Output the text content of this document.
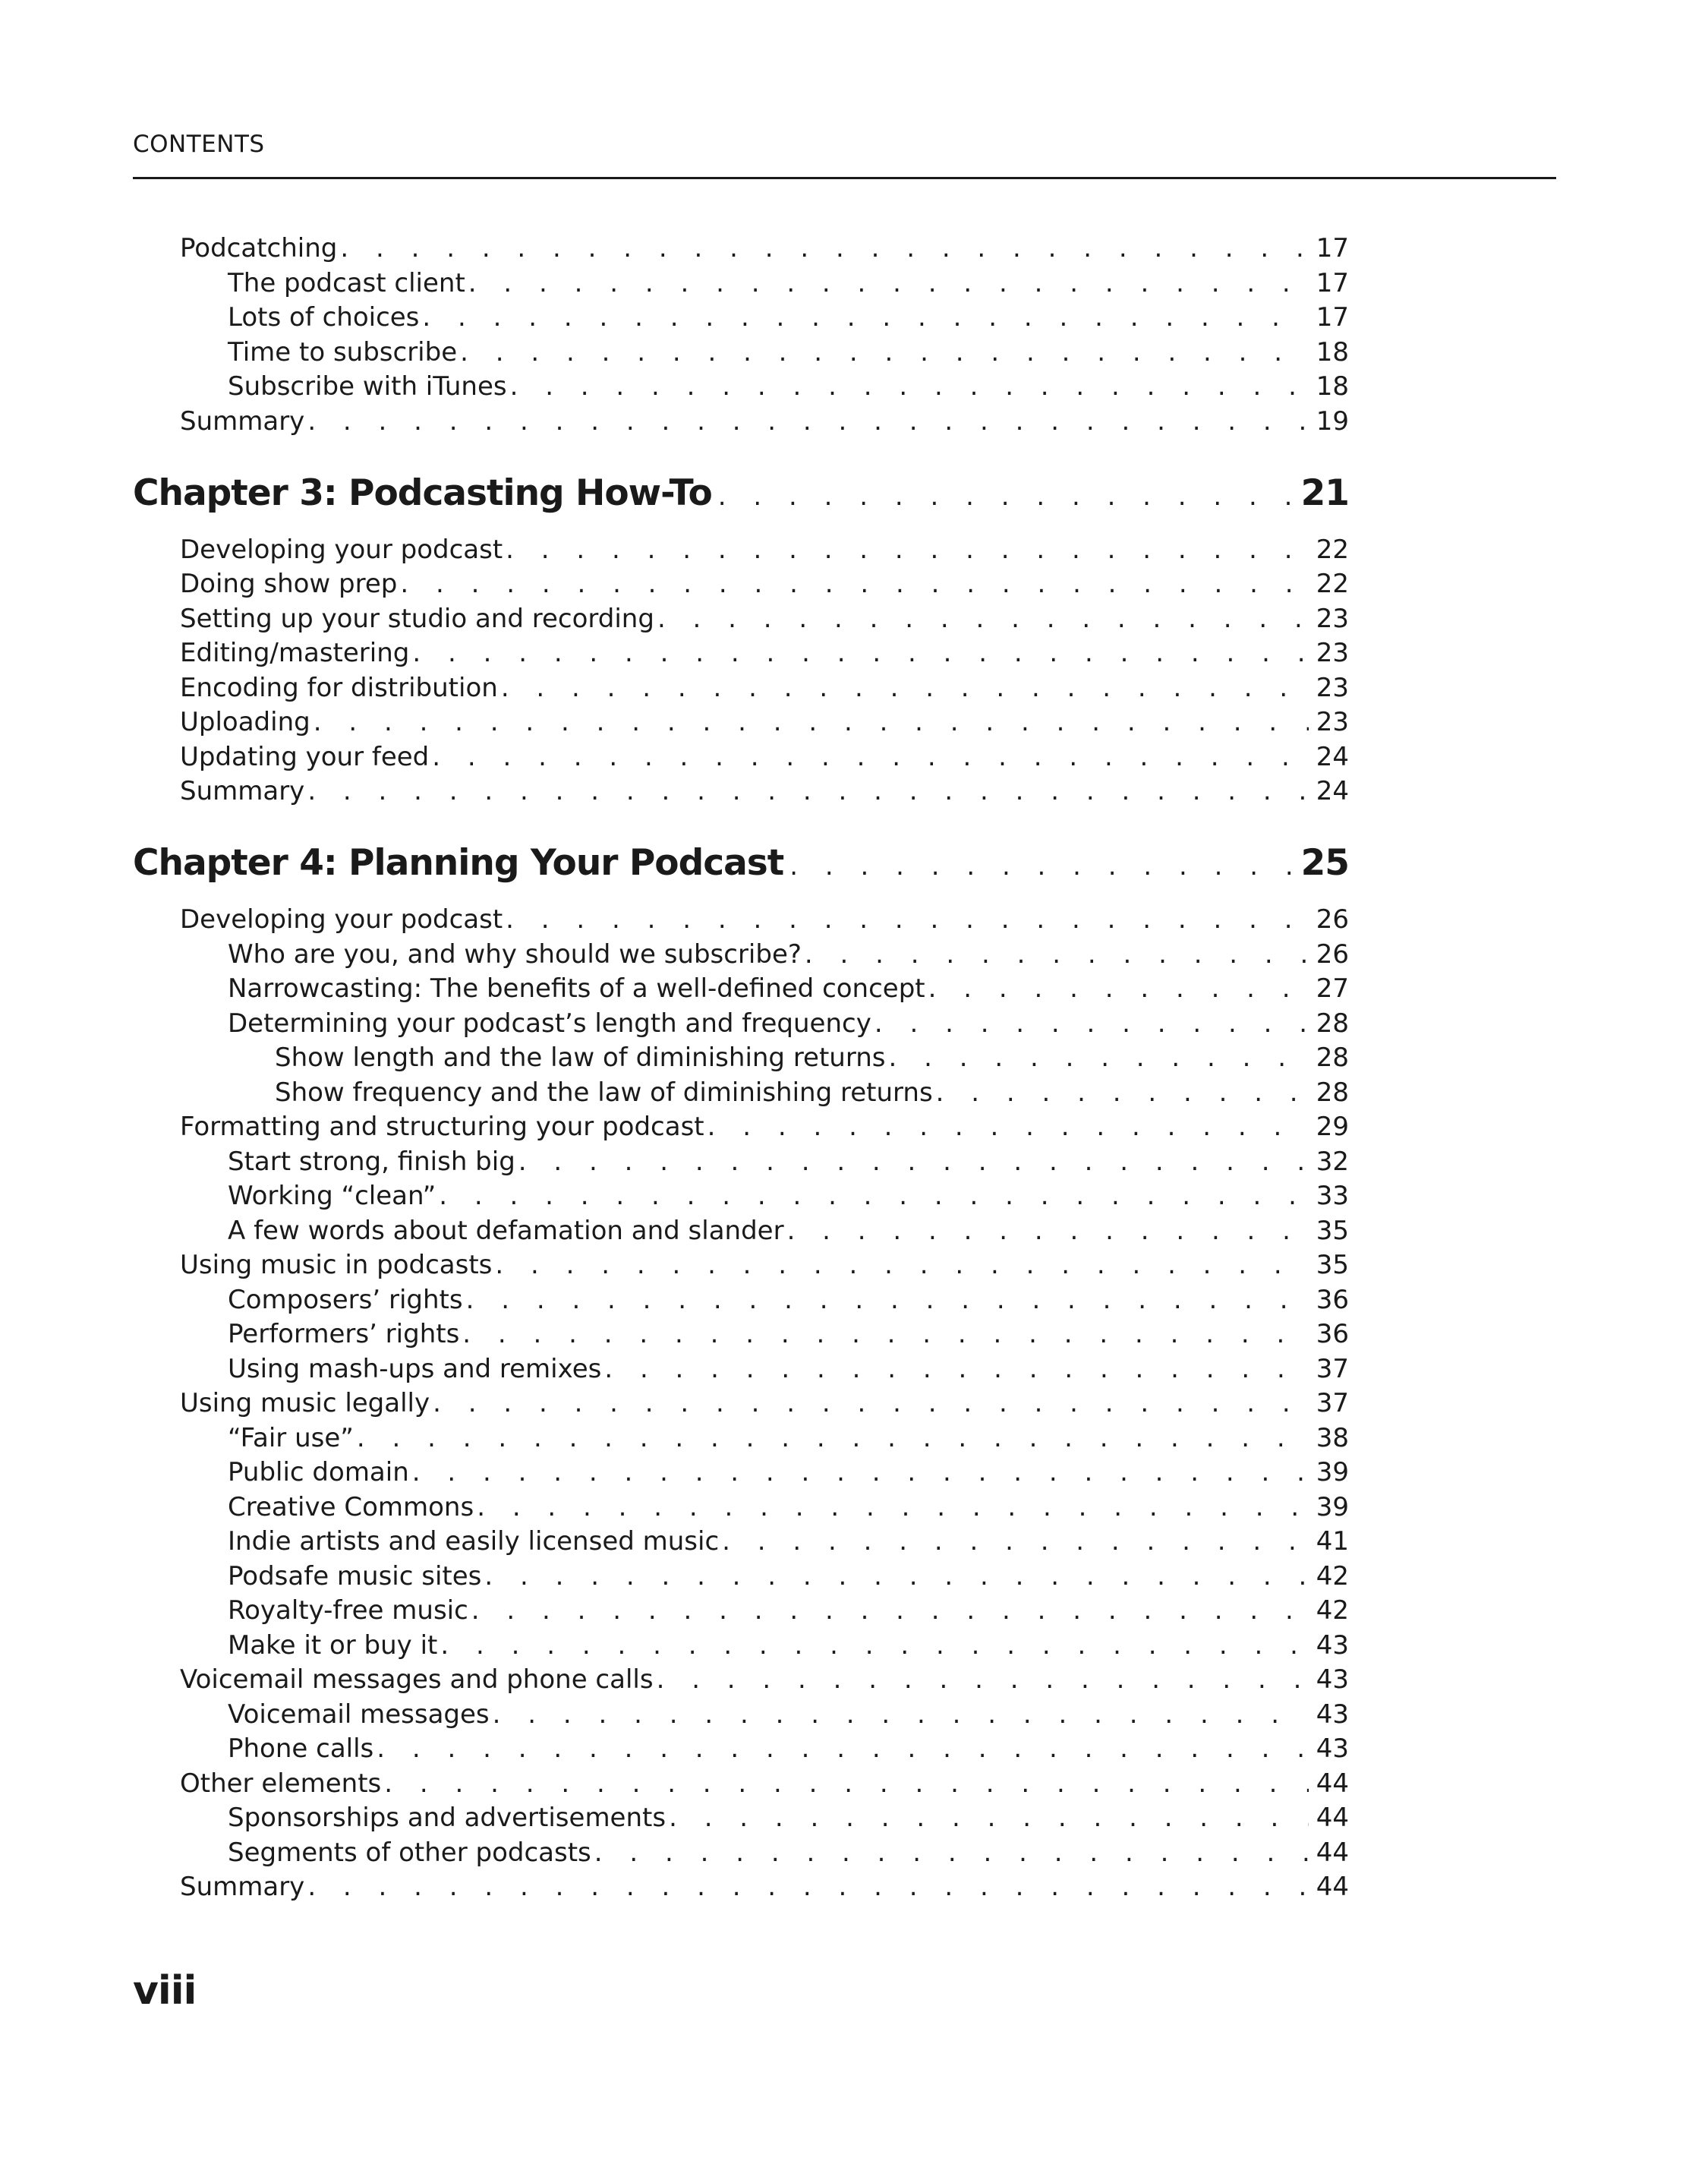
CONTENTS
Podcatching . . .	17
The podcast client . . .	17
Lots of choices . . .	17
Time to subscribe . . .	18
Subscribe with iTunes . . .	18
Summary . . .	19
Chapter 3: Podcasting How-To . . .	21
Developing your podcast . . .	22
Doing show prep . . .	22
Setting up your studio and recording . . .	23
Editing/mastering . . .	23
Encoding for distribution . . .	23
Uploading . . .	23
Updating your feed . . .	24
Summary . . .	24
Chapter 4: Planning Your Podcast . . .	25
Developing your podcast . . .	26
Who are you, and why should we subscribe? . . .	26
Narrowcasting: The benefits of a well-defined concept . . .	27
Determining your podcast’s length and frequency . . .	28
Show length and the law of diminishing returns . . .	28
Show frequency and the law of diminishing returns . . .	28
Formatting and structuring your podcast . . .	29
Start strong, finish big . . .	32
Working “clean” . . .	33
A few words about defamation and slander . . .	35
Using music in podcasts . . .	35
Composers’ rights . . .	36
Performers’ rights . . .	36
Using mash-ups and remixes . . .	37
Using music legally . . .	37
“Fair use” . . .	38
Public domain . . .	39
Creative Commons . . .	39
Indie artists and easily licensed music . . .	41
Podsafe music sites . . .	42
Royalty-free music . . .	42
Make it or buy it . . .	43
Voicemail messages and phone calls . . .	43
Voicemail messages . . .	43
Phone calls . . .	43
Other elements . . .	44
Sponsorships and advertisements . . .	44
Segments of other podcasts . . .	44
Summary . . .	44
viii
